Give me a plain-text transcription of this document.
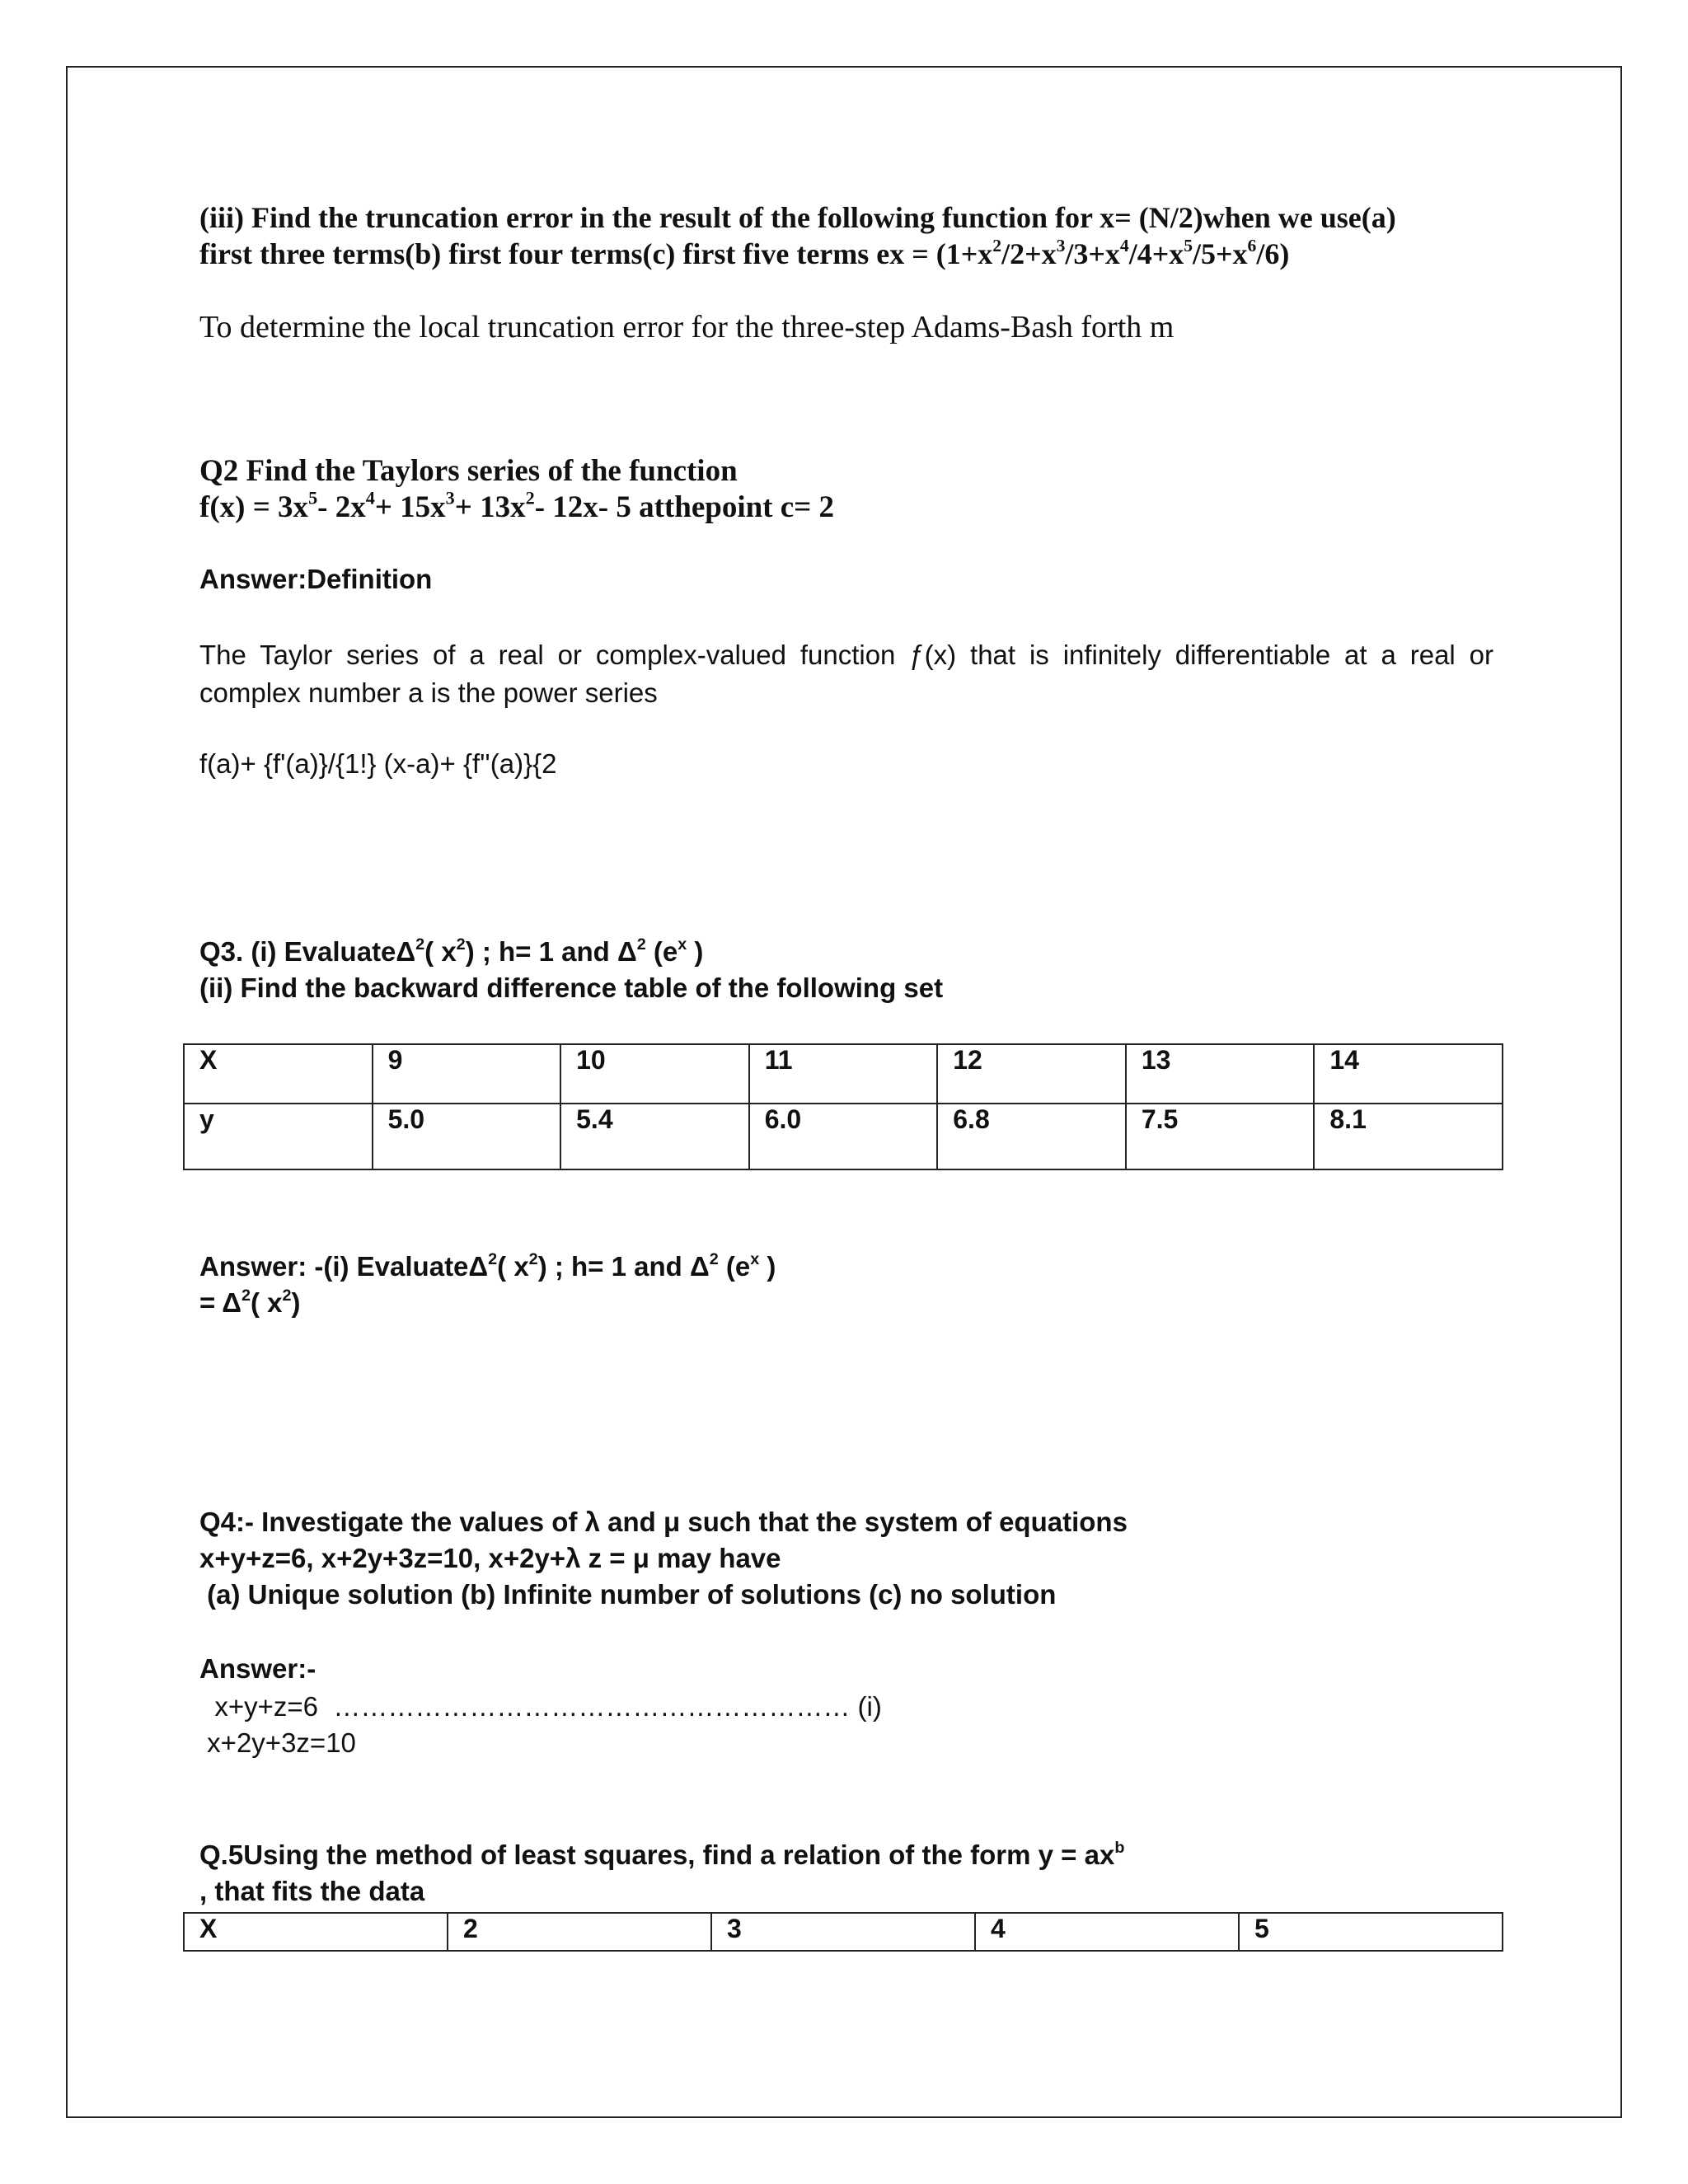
(iii) Find the truncation error in the result of the following function for x= (N/2)when we use(a)
first three terms(b) first four terms(c) first five terms ex = $(1+x^2/2+x^3/3+x^4/4+x^5/5+x^6/6)$
To determine the local truncation error for the three-step Adams-Bash forth m
Q2 Find the Taylors series of the function
$f(x) = 3x^5-$ $2x^4+ 15x^3+ 13x^2-$ 12x- 5 atthepoint c= 2
Answer:Definition
The Taylor series of a real or complex-valued function ƒ(x) that is infinitely differentiable at a real or complex number a is the power series
f(a)+ {f'(a)}/{1!} (x-a)+ {f''(a)}{2
Q3. (i) EvaluateΔ$^2$( $x^2$) ; h= 1 and $\Delta^2$ ($e^x$ )
(ii) Find the backward difference table of the following set
X	9	10	11	12	13	14
y	5.0	5.4	6.0	6.8	7.5	8.1
Answer: -(i) EvaluateΔ$^2$( $x^2$) ; h= 1 and $\Delta^2$ ($e^x$ )
= $\Delta^2$( $x^2$)
Q4:- Investigate the values of λ and μ such that the system of equations
x+y+z=6, x+2y+3z=10, x+2y+λ z = μ may have
(a) Unique solution (b) Infinite number of solutions (c) no solution
Answer:-
x+y+z=6  ………………………………………………… (i)
x+2y+3z=10
Q.5Using the method of least squares, find a relation of the form $y = ax^b$
, that fits the data
X	2	3	4	5
